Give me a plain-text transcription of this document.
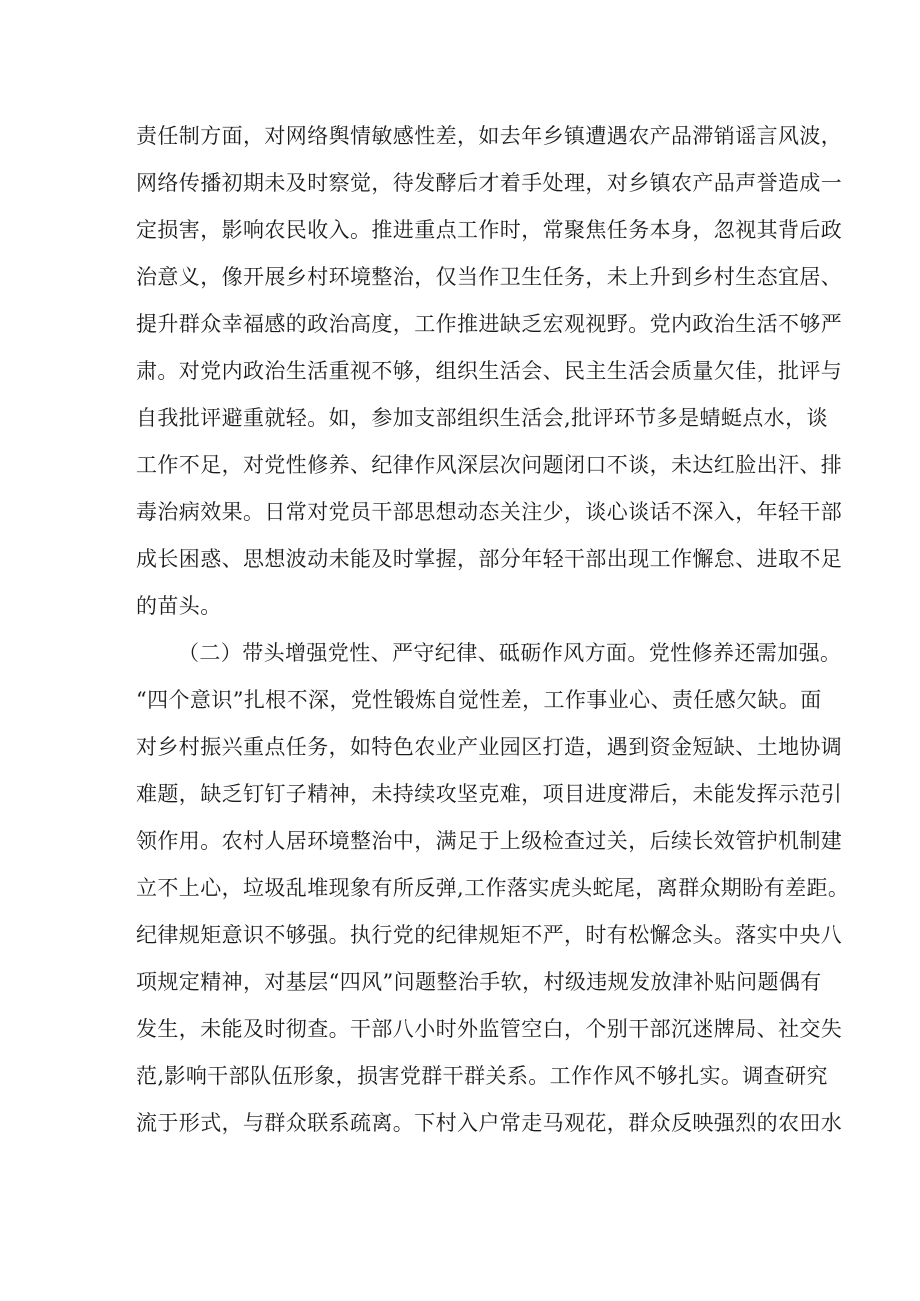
责任制方面，对网络舆情敏感性差，如去年乡镇遭遇农产品滞销谣言风波，
网络传播初期未及时察觉，待发酵后才着手处理，对乡镇农产品声誉造成一
定损害，影响农民收入。推进重点工作时，常聚焦任务本身，忽视其背后政
治意义，像开展乡村环境整治，仅当作卫生任务，未上升到乡村生态宜居、
提升群众幸福感的政治高度，工作推进缺乏宏观视野。党内政治生活不够严
肃。对党内政治生活重视不够，组织生活会、民主生活会质量欠佳，批评与
自我批评避重就轻。如，参加支部组织生活会,批评环节多是蜻蜓点水，谈
工作不足，对党性修养、纪律作风深层次问题闭口不谈，未达红脸出汗、排
毒治病效果。日常对党员干部思想动态关注少，谈心谈话不深入，年轻干部
成长困惑、思想波动未能及时掌握，部分年轻干部出现工作懈怠、进取不足
的苗头。
（二）带头增强党性、严守纪律、砥砺作风方面。党性修养还需加强。
“四个意识”扎根不深，党性锻炼自觉性差，工作事业心、责任感欠缺。面
对乡村振兴重点任务，如特色农业产业园区打造，遇到资金短缺、土地协调
难题，缺乏钉钉子精神，未持续攻坚克难，项目进度滞后，未能发挥示范引
领作用。农村人居环境整治中，满足于上级检查过关，后续长效管护机制建
立不上心，垃圾乱堆现象有所反弹,工作落实虎头蛇尾，离群众期盼有差距。
纪律规矩意识不够强。执行党的纪律规矩不严，时有松懈念头。落实中央八
项规定精神，对基层“四风”问题整治手软，村级违规发放津补贴问题偶有
发生，未能及时彻查。干部八小时外监管空白，个别干部沉迷牌局、社交失
范,影响干部队伍形象，损害党群干群关系。工作作风不够扎实。调查研究
流于形式，与群众联系疏离。下村入户常走马观花，群众反映强烈的农田水
